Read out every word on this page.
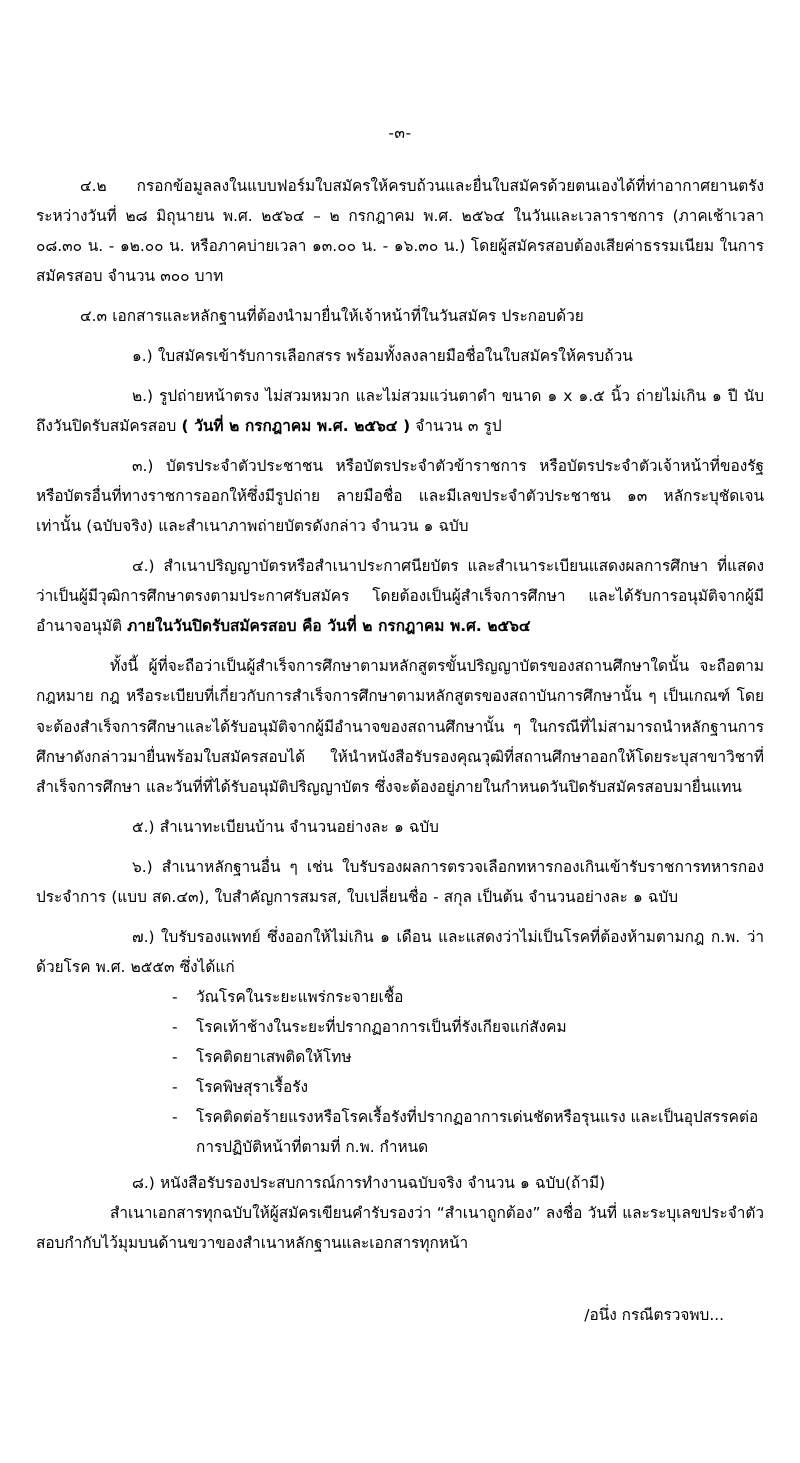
-๓-

๔.๒ กรอกข้อมูลลงในแบบฟอร์มใบสมัครให้ครบถ้วนและยื่นใบสมัครด้วยตนเองได้ที่ท่าอากาศยานตรัง ระหว่างวันที่ ๒๘ มิถุนายน พ.ศ. ๒๕๖๔ – ๒ กรกฎาคม พ.ศ. ๒๕๖๔ ในวันและเวลาราชการ (ภาคเช้าเวลา ๐๘.๓๐ น. - ๑๒.๐๐ น. หรือภาคบ่ายเวลา ๑๓.๐๐ น. - ๑๖.๓๐ น.) โดยผู้สมัครสอบต้องเสียค่าธรรมเนียม ในการสมัครสอบ จำนวน ๓๐๐ บาท

๔.๓ เอกสารและหลักฐานที่ต้องนำมายื่นให้เจ้าหน้าที่ในวันสมัคร ประกอบด้วย

๑.) ใบสมัครเข้ารับการเลือกสรร พร้อมทั้งลงลายมือชื่อในใบสมัครให้ครบถ้วน

๒.) รูปถ่ายหน้าตรง ไม่สวมหมวก และไม่สวมแว่นตาดำ ขนาด ๑ x ๑.๕ นิ้ว ถ่ายไม่เกิน ๑ ปี นับถึงวันปิดรับสมัครสอบ ( วันที่ ๒ กรกฎาคม พ.ศ. ๒๕๖๔ ) จำนวน ๓ รูป

๓.) บัตรประจำตัวประชาชน หรือบัตรประจำตัวข้าราชการ หรือบัตรประจำตัวเจ้าหน้าที่ของรัฐ หรือบัตรอื่นที่ทางราชการออกให้ซึ่งมีรูปถ่าย ลายมือชื่อ และมีเลขประจำตัวประชาชน ๑๓ หลักระบุชัดเจนเท่านั้น (ฉบับจริง) และสำเนาภาพถ่ายบัตรดังกล่าว จำนวน ๑ ฉบับ

๔.) สำเนาปริญญาบัตรหรือสำเนาประกาศนียบัตร และสำเนาระเบียนแสดงผลการศึกษา ที่แสดงว่าเป็นผู้มีวุฒิการศึกษาตรงตามประกาศรับสมัคร โดยต้องเป็นผู้สำเร็จการศึกษา และได้รับการอนุมัติจากผู้มีอำนาจอนุมัติ ภายในวันปิดรับสมัครสอบ คือ วันที่ ๒ กรกฎาคม พ.ศ. ๒๕๖๔

ทั้งนี้ ผู้ที่จะถือว่าเป็นผู้สำเร็จการศึกษาตามหลักสูตรขั้นปริญญาบัตรของสถานศึกษาใดนั้น จะถือตามกฎหมาย กฎ หรือระเบียบที่เกี่ยวกับการสำเร็จการศึกษาตามหลักสูตรของสถาบันการศึกษานั้น ๆ เป็นเกณฑ์ โดยจะต้องสำเร็จการศึกษาและได้รับอนุมัติจากผู้มีอำนาจของสถานศึกษานั้น ๆ ในกรณีที่ไม่สามารถนำหลักฐานการศึกษาดังกล่าวมายื่นพร้อมใบสมัครสอบได้ ให้นำหนังสือรับรองคุณวุฒิที่สถานศึกษาออกให้โดยระบุสาขาวิชาที่สำเร็จการศึกษา และวันที่ที่ได้รับอนุมัติปริญญาบัตร ซึ่งจะต้องอยู่ภายในกำหนดวันปิดรับสมัครสอบมายื่นแทน

๕.) สำเนาทะเบียนบ้าน จำนวนอย่างละ ๑ ฉบับ

๖.) สำเนาหลักฐานอื่น ๆ เช่น ใบรับรองผลการตรวจเลือกทหารกองเกินเข้ารับราชการทหารกองประจำการ (แบบ สด.๔๓), ใบสำคัญการสมรส, ใบเปลี่ยนชื่อ - สกุล เป็นต้น จำนวนอย่างละ ๑ ฉบับ

๗.) ใบรับรองแพทย์ ซึ่งออกให้ไม่เกิน ๑ เดือน และแสดงว่าไม่เป็นโรคที่ต้องห้ามตามกฎ ก.พ. ว่าด้วยโรค พ.ศ. ๒๕๕๓ ซึ่งได้แก่

- วัณโรคในระยะแพร่กระจายเชื้อ
- โรคเท้าช้างในระยะที่ปรากฏอาการเป็นที่รังเกียจแก่สังคม
- โรคติดยาเสพติดให้โทษ
- โรคพิษสุราเรื้อรัง
- โรคติดต่อร้ายแรงหรือโรคเรื้อรังที่ปรากฏอาการเด่นชัดหรือรุนแรง และเป็นอุปสรรคต่อการปฏิบัติหน้าที่ตามที่ ก.พ. กำหนด

๘.) หนังสือรับรองประสบการณ์การทำงานฉบับจริง จำนวน ๑ ฉบับ(ถ้ามี)

สำเนาเอกสารทุกฉบับให้ผู้สมัครเขียนคำรับรองว่า “สำเนาถูกต้อง” ลงชื่อ วันที่ และระบุเลขประจำตัวสอบกำกับไว้มุมบนด้านขวาของสำเนาหลักฐานและเอกสารทุกหน้า

/อนึ่ง กรณีตรวจพบ...
